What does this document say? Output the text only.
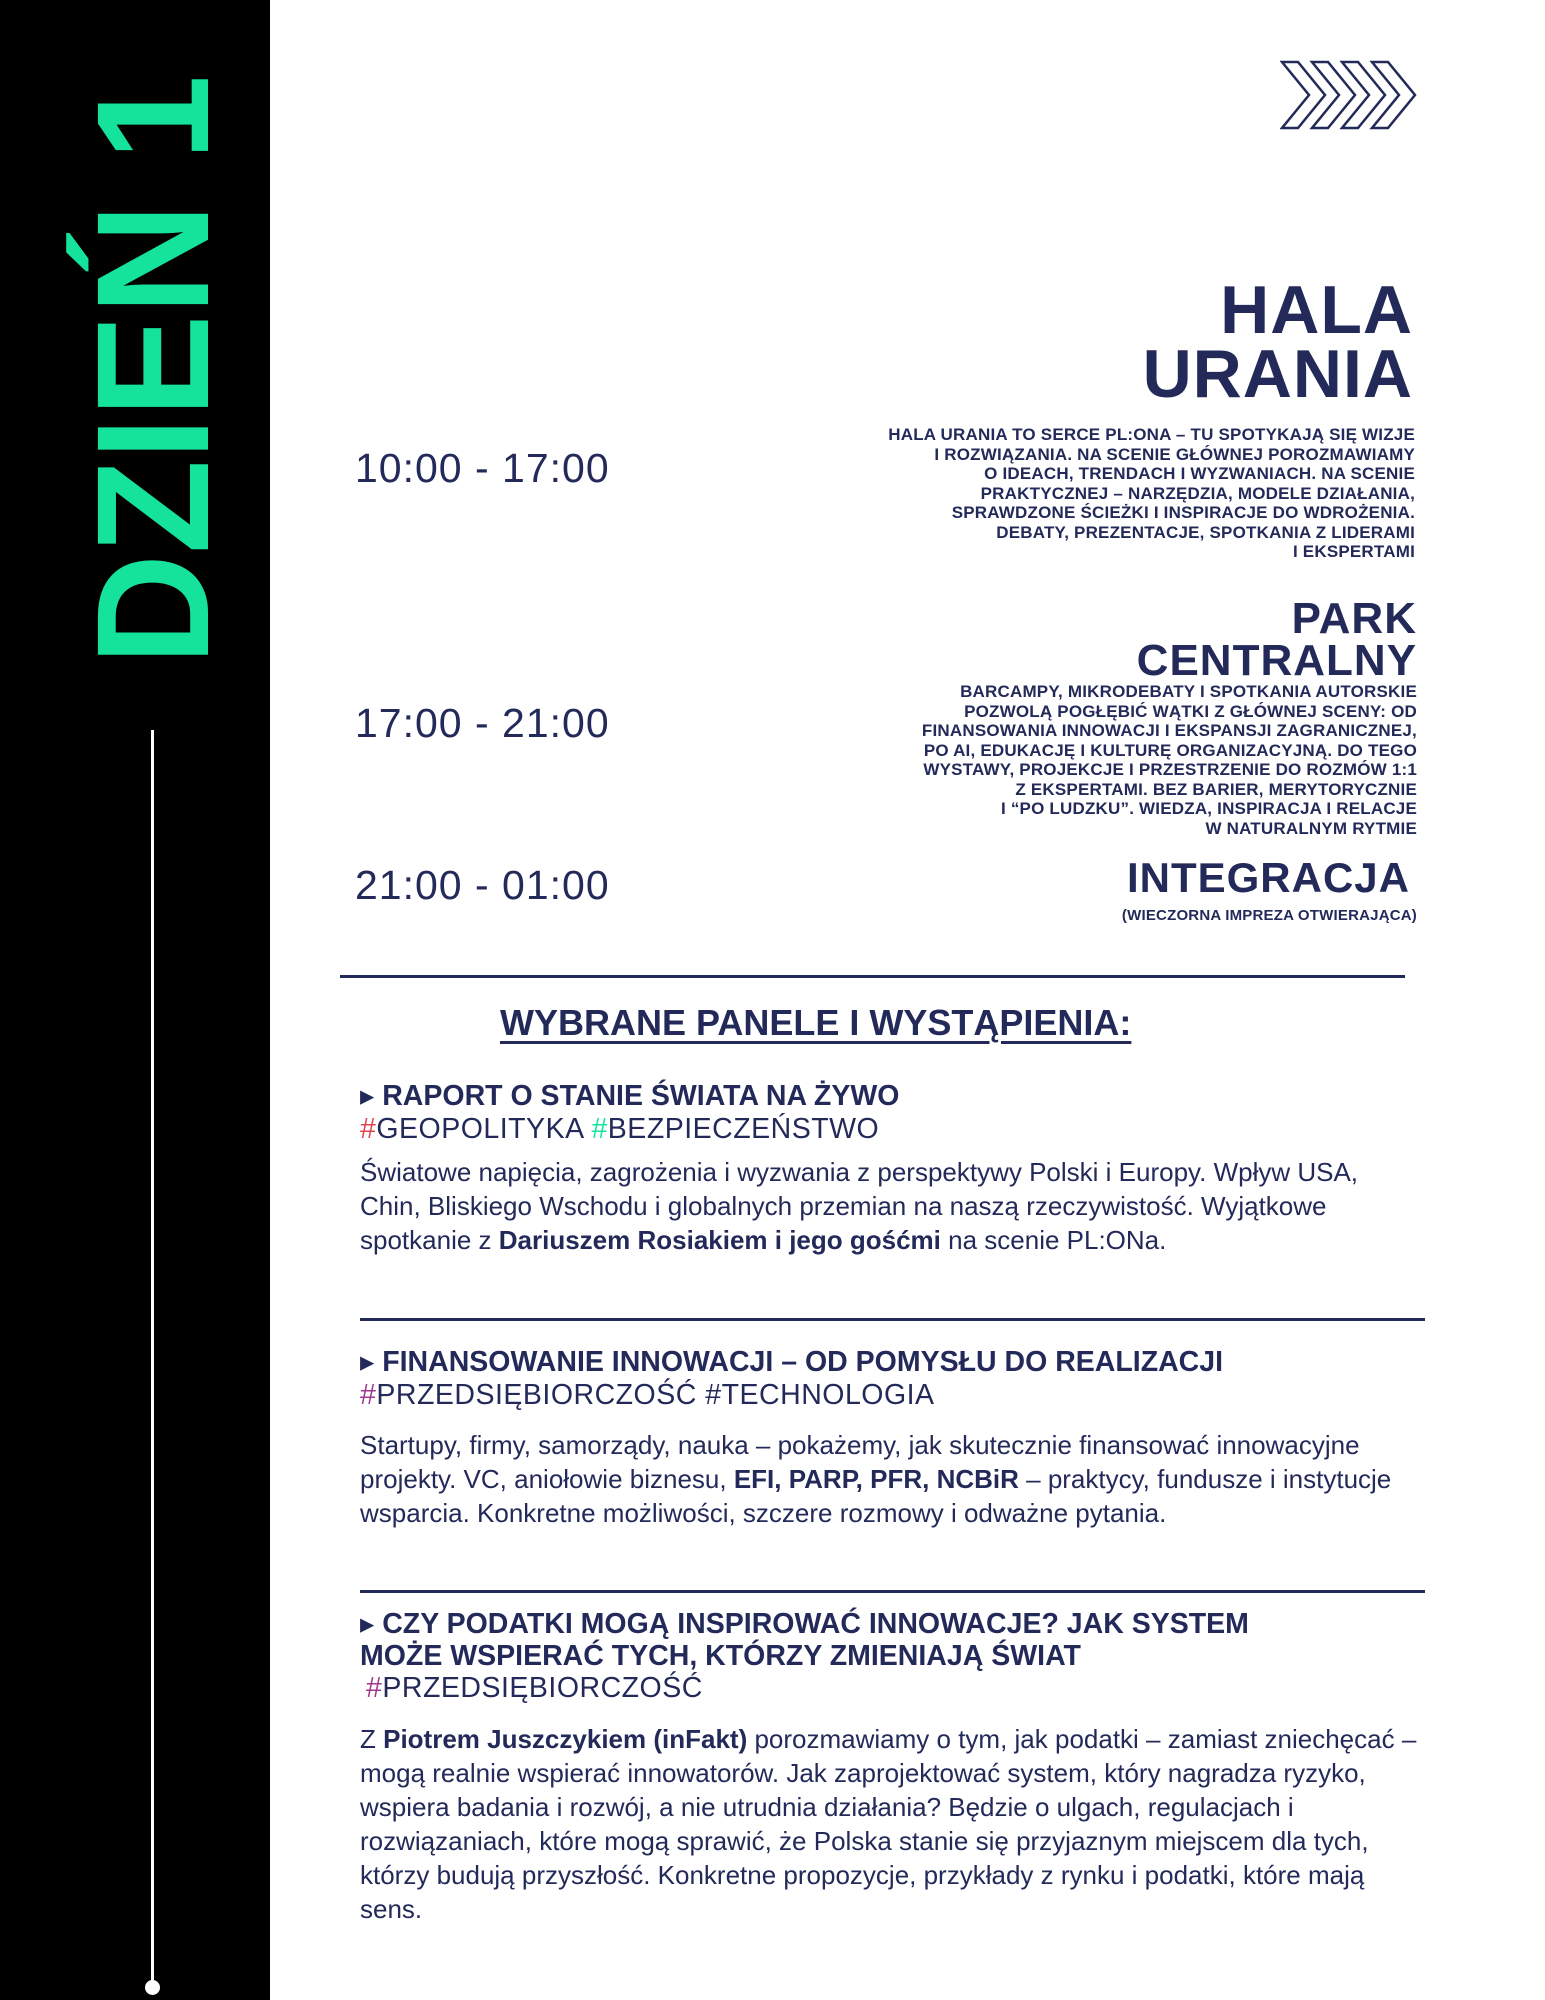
DZIEŃ 1	HALA
URANIA
10:00 - 17:00
HALA URANIA TO SERCE PL:ONA – TU SPOTYKAJĄ SIĘ WIZJE
I ROZWIĄZANIA. NA SCENIE GŁÓWNEJ POROZMAWIAMY
O IDEACH, TRENDACH I WYZWANIACH. NA SCENIE
PRAKTYCZNEJ – NARZĘDZIA, MODELE DZIAŁANIA,
SPRAWDZONE ŚCIEŻKI I INSPIRACJE DO WDROŻENIA.
DEBATY, PREZENTACJE, SPOTKANIA Z LIDERAMI
I EKSPERTAMI
PARK
CENTRALNY
17:00 - 21:00
BARCAMPY, MIKRODEBATY I SPOTKANIA AUTORSKIE
POZWOLĄ POGŁĘBIĆ WĄTKI Z GŁÓWNEJ SCENY: OD
FINANSOWANIA INNOWACJI I EKSPANSJI ZAGRANICZNEJ,
PO AI, EDUKACJĘ I KULTURĘ ORGANIZACYJNĄ. DO TEGO
WYSTAWY, PROJEKCJE I PRZESTRZENIE DO ROZMÓW 1:1
Z EKSPERTAMI. BEZ BARIER, MERYTORYCZNIE
I “PO LUDZKU”. WIEDZA, INSPIRACJA I RELACJE
W NATURALNYM RYTMIE
INTEGRACJA
21:00 - 01:00
(WIECZORNA IMPREZA OTWIERAJĄCA)
WYBRANE PANELE I WYSTĄPIENIA:
▸ RAPORT O STANIE ŚWIATA NA ŻYWO
#GEOPOLITYKA #BEZPIECZEŃSTWO
Światowe napięcia, zagrożenia i wyzwania z perspektywy Polski i Europy. Wpływ USA, Chin, Bliskiego Wschodu i globalnych przemian na naszą rzeczywistość. Wyjątkowe spotkanie z Dariuszem Rosiakiem i jego gośćmi na scenie PL:ONa.
▸ FINANSOWANIE INNOWACJI – OD POMYSŁU DO REALIZACJI
#PRZEDSIĘBIORCZOŚĆ #TECHNOLOGIA
Startupy, firmy, samorządy, nauka – pokażemy, jak skutecznie finansować innowacyjne projekty. VC, aniołowie biznesu, EFI, PARP, PFR, NCBiR – praktycy, fundusze i instytucje wsparcia. Konkretne możliwości, szczere rozmowy i odważne pytania.
▸ CZY PODATKI MOGĄ INSPIROWAĆ INNOWACJE? JAK SYSTEM
MOŻE WSPIERAĆ TYCH, KTÓRZY ZMIENIAJĄ ŚWIAT
#PRZEDSIĘBIORCZOŚĆ
Z Piotrem Juszczykiem (inFakt) porozmawiamy o tym, jak podatki – zamiast zniechęcać – mogą realnie wspierać innowatorów. Jak zaprojektować system, który nagradza ryzyko, wspiera badania i rozwój, a nie utrudnia działania? Będzie o ulgach, regulacjach i rozwiązaniach, które mogą sprawić, że Polska stanie się przyjaznym miejscem dla tych, którzy budują przyszłość. Konkretne propozycje, przykłady z rynku i podatki, które mają sens.
